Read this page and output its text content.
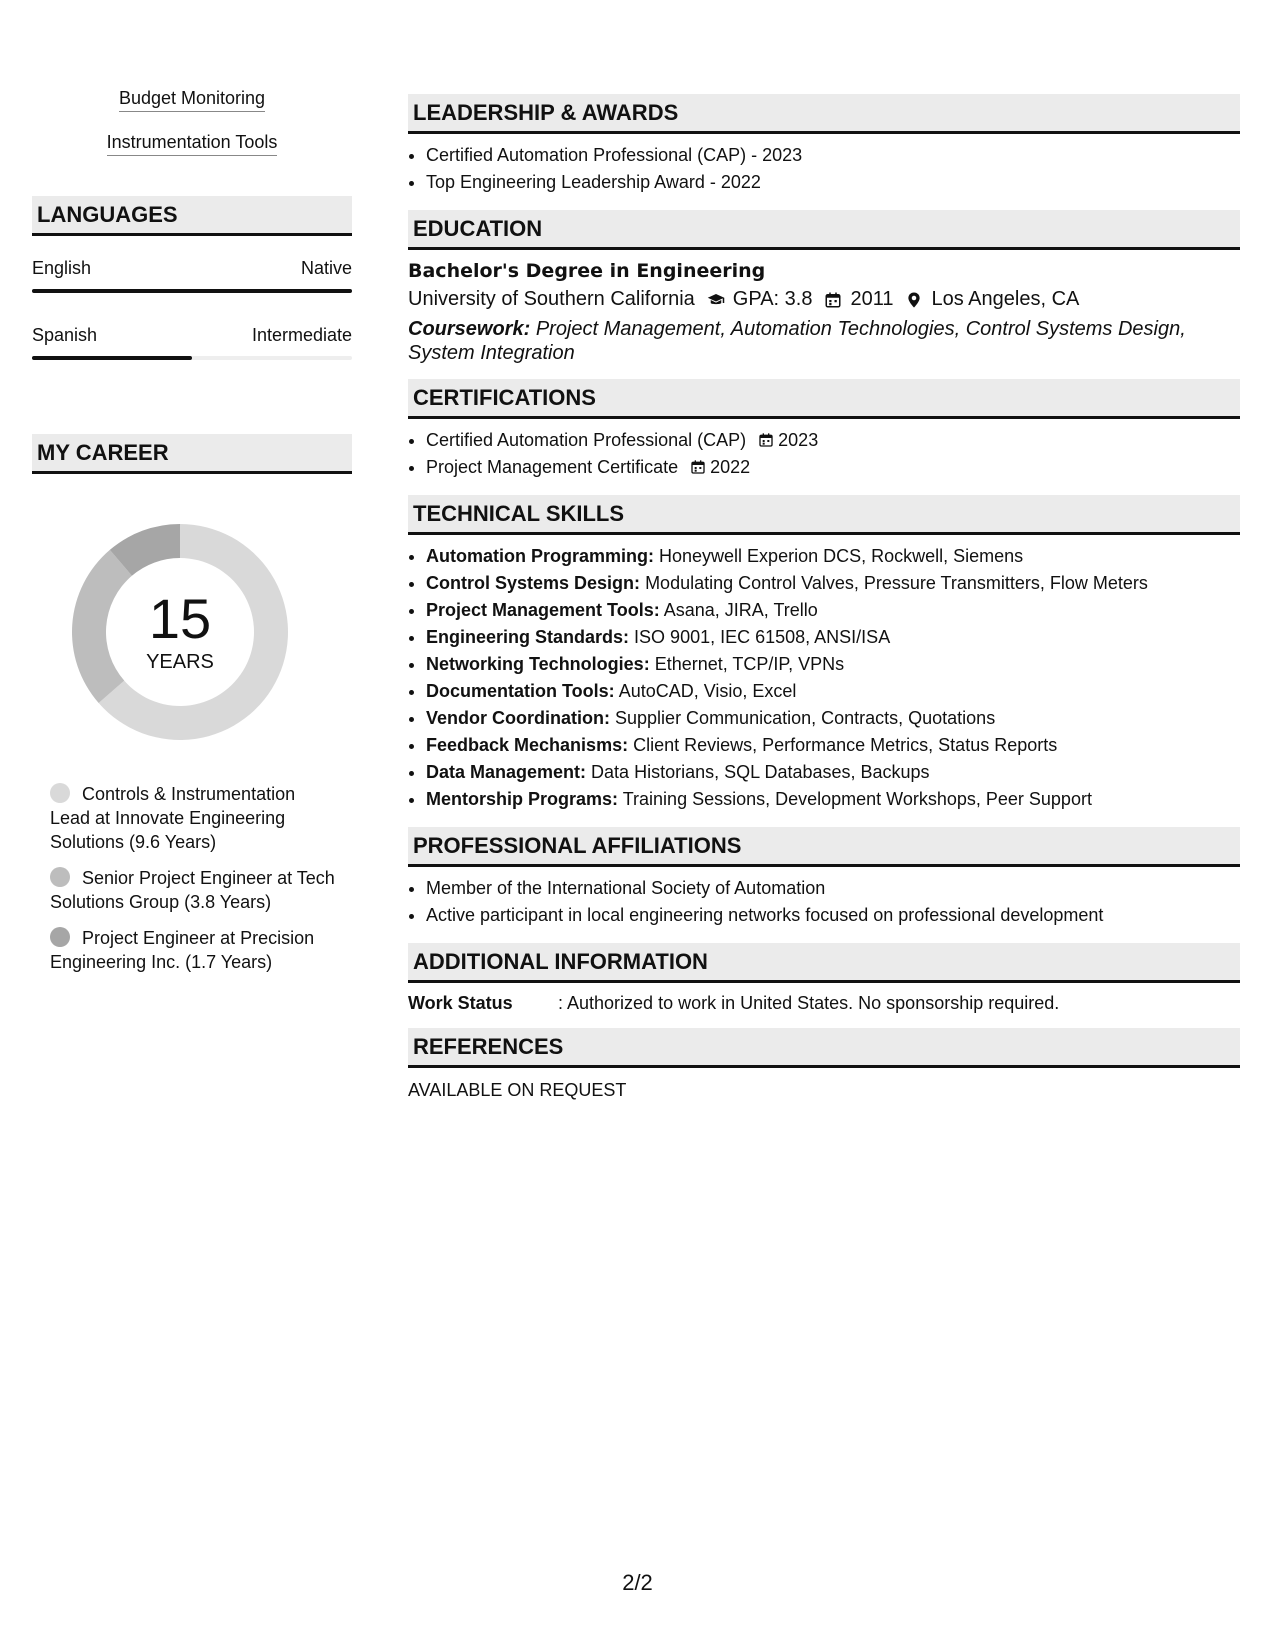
Budget Monitoring
Instrumentation Tools
LANGUAGES
English	Native
Spanish	Intermediate
MY CAREER
15
YEARS
Controls & Instrumentation Lead at Innovate Engineering Solutions (9.6 Years)
Senior Project Engineer at Tech Solutions Group (3.8 Years)
Project Engineer at Precision Engineering Inc. (1.7 Years)
LEADERSHIP & AWARDS
• Certified Automation Professional (CAP) - 2023
• Top Engineering Leadership Award - 2022
EDUCATION
Bachelor's Degree in Engineering
University of Southern California GPA: 3.8 2011 Los Angeles, CA
Coursework: Project Management, Automation Technologies, Control Systems Design, System Integration
CERTIFICATIONS
• Certified Automation Professional (CAP) 2023
• Project Management Certificate 2022
TECHNICAL SKILLS
• Automation Programming: Honeywell Experion DCS, Rockwell, Siemens
• Control Systems Design: Modulating Control Valves, Pressure Transmitters, Flow Meters
• Project Management Tools: Asana, JIRA, Trello
• Engineering Standards: ISO 9001, IEC 61508, ANSI/ISA
• Networking Technologies: Ethernet, TCP/IP, VPNs
• Documentation Tools: AutoCAD, Visio, Excel
• Vendor Coordination: Supplier Communication, Contracts, Quotations
• Feedback Mechanisms: Client Reviews, Performance Metrics, Status Reports
• Data Management: Data Historians, SQL Databases, Backups
• Mentorship Programs: Training Sessions, Development Workshops, Peer Support
PROFESSIONAL AFFILIATIONS
• Member of the International Society of Automation
• Active participant in local engineering networks focused on professional development
ADDITIONAL INFORMATION
Work Status	: Authorized to work in United States. No sponsorship required.
REFERENCES
AVAILABLE ON REQUEST
2/2
